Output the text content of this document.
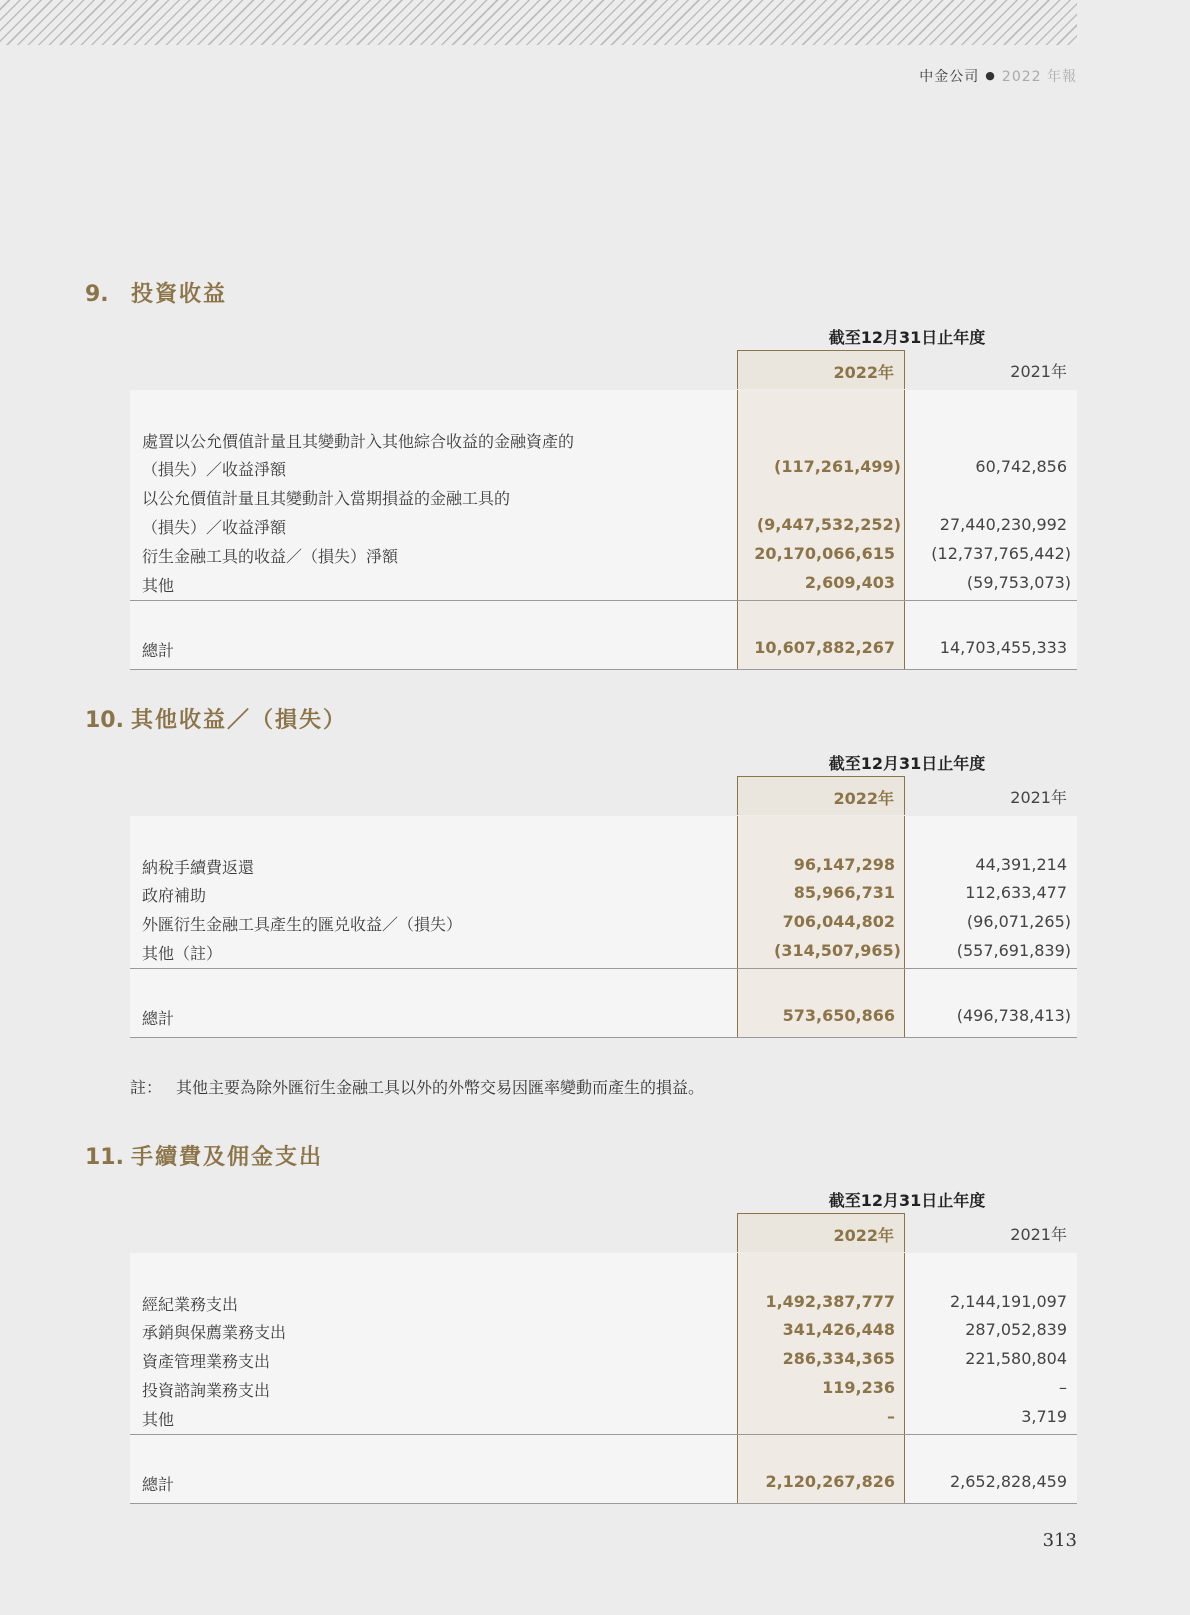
中金公司 ● 2022 年報
9. 投資收益
截至12月31日止年度
2022年	2021年
處置以公允價值計量且其變動計入其他綜合收益的金融資產的
（損失）／收益淨額	(117,261,499)	60,742,856
以公允價值計量且其變動計入當期損益的金融工具的
（損失）／收益淨額	(9,447,532,252)	27,440,230,992
衍生金融工具的收益／（損失）淨額	20,170,066,615	(12,737,765,442)
其他	2,609,403	(59,753,073)
總計	10,607,882,267	14,703,455,333
10. 其他收益／（損失）
截至12月31日止年度
2022年	2021年
納稅手續費返還	96,147,298	44,391,214
政府補助	85,966,731	112,633,477
外匯衍生金融工具產生的匯兑收益／（損失）	706,044,802	(96,071,265)
其他（註）	(314,507,965)	(557,691,839)
總計	573,650,866	(496,738,413)
註： 其他主要為除外匯衍生金融工具以外的外幣交易因匯率變動而產生的損益。
11. 手續費及佣金支出
截至12月31日止年度
2022年	2021年
經紀業務支出	1,492,387,777	2,144,191,097
承銷與保薦業務支出	341,426,448	287,052,839
資產管理業務支出	286,334,365	221,580,804
投資諮詢業務支出	119,236	–
其他	–	3,719
總計	2,120,267,826	2,652,828,459
313
